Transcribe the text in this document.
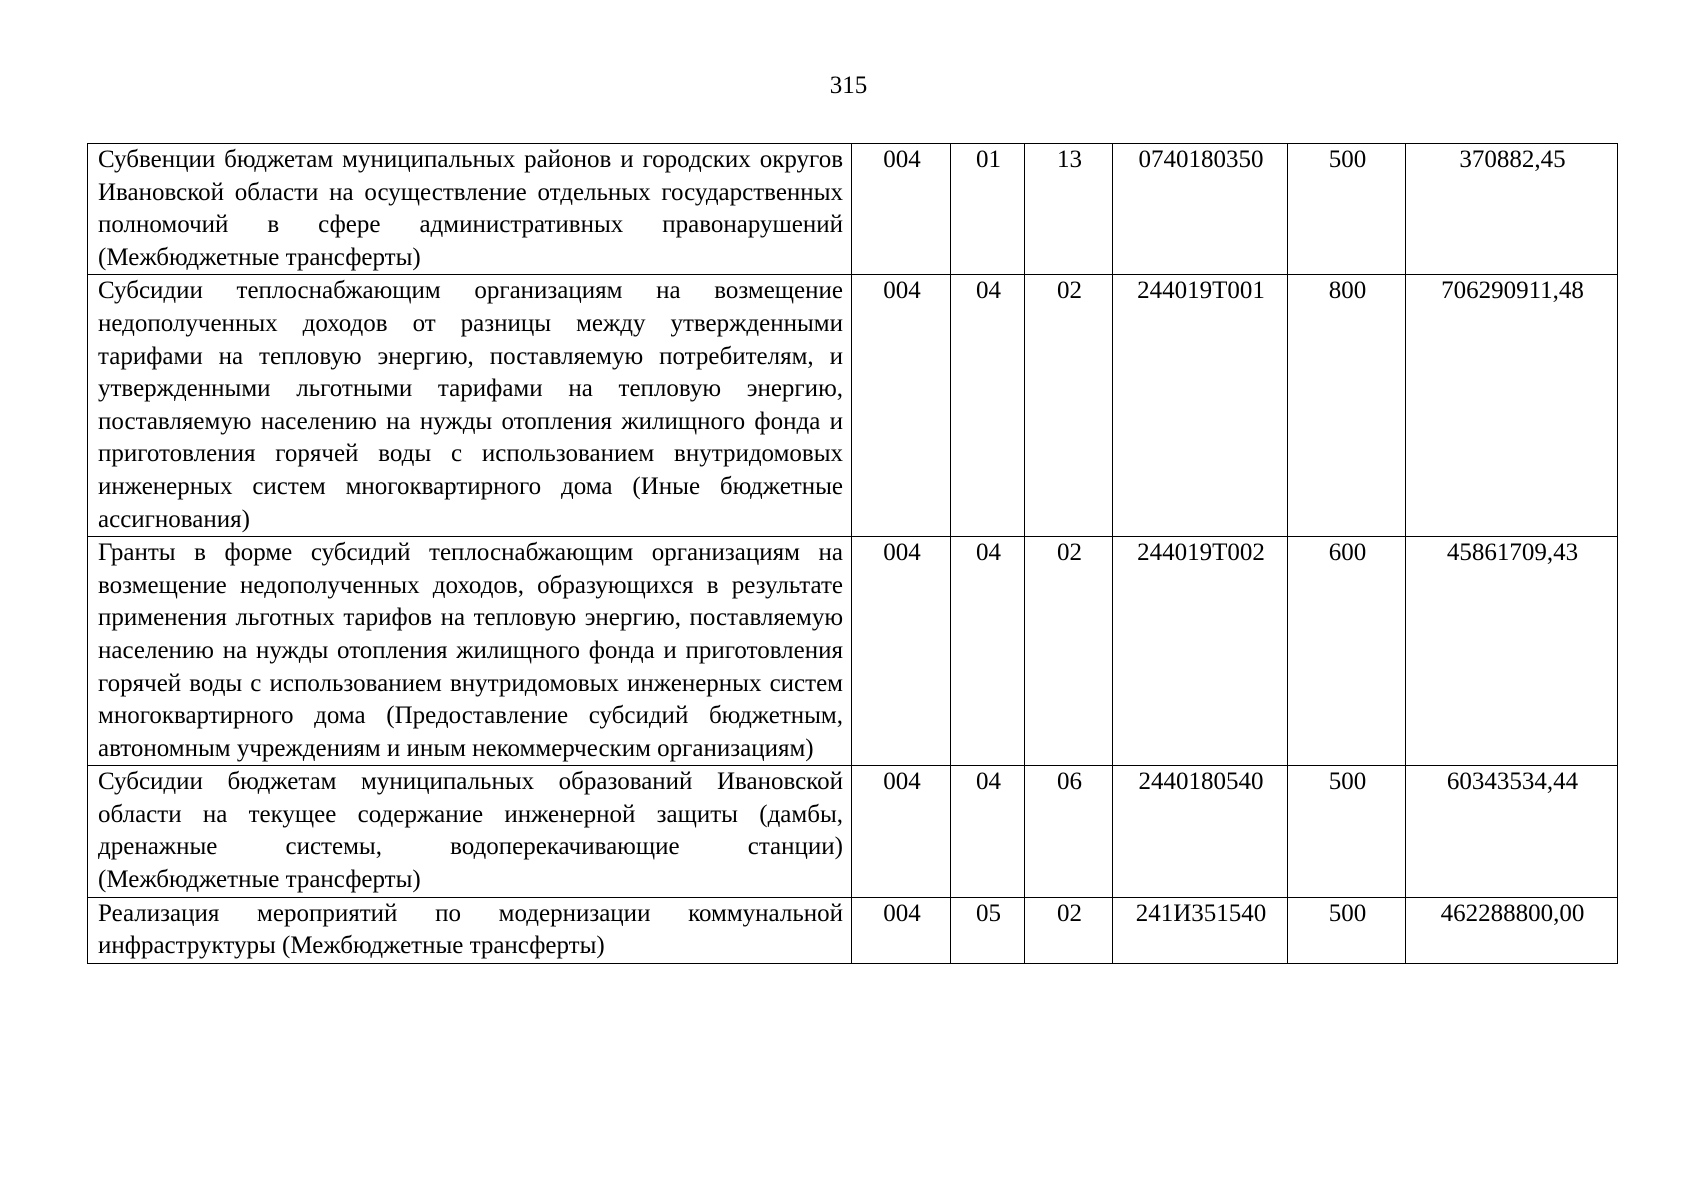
315
Субвенции бюджетам муниципальных районов и городских округов Ивановской области на осуществление отдельных государственных полномочий в сфере административных правонарушений (Межбюджетные трансферты)	004	01	13	0740180350	500	370882,45
Субсидии теплоснабжающим организациям на возмещение недополученных доходов от разницы между утвержденными тарифами на тепловую энергию, поставляемую потребителям, и утвержденными льготными тарифами на тепловую энергию, поставляемую населению на нужды отопления жилищного фонда и приготовления горячей воды с использованием внутридомовых инженерных систем многоквартирного дома (Иные бюджетные ассигнования)	004	04	02	244019Т001	800	706290911,48
Гранты в форме субсидий теплоснабжающим организациям на возмещение недополученных доходов, образующихся в результате применения льготных тарифов на тепловую энергию, поставляемую населению на нужды отопления жилищного фонда и приготовления горячей воды с использованием внутридомовых инженерных систем многоквартирного дома (Предоставление субсидий бюджетным, автономным учреждениям и иным некоммерческим организациям)	004	04	02	244019Т002	600	45861709,43
Субсидии бюджетам муниципальных образований Ивановской области на текущее содержание инженерной защиты (дамбы, дренажные системы, водоперекачивающие станции) (Межбюджетные трансферты)	004	04	06	2440180540	500	60343534,44
Реализация мероприятий по модернизации коммунальной инфраструктуры (Межбюджетные трансферты)	004	05	02	241И351540	500	462288800,00
